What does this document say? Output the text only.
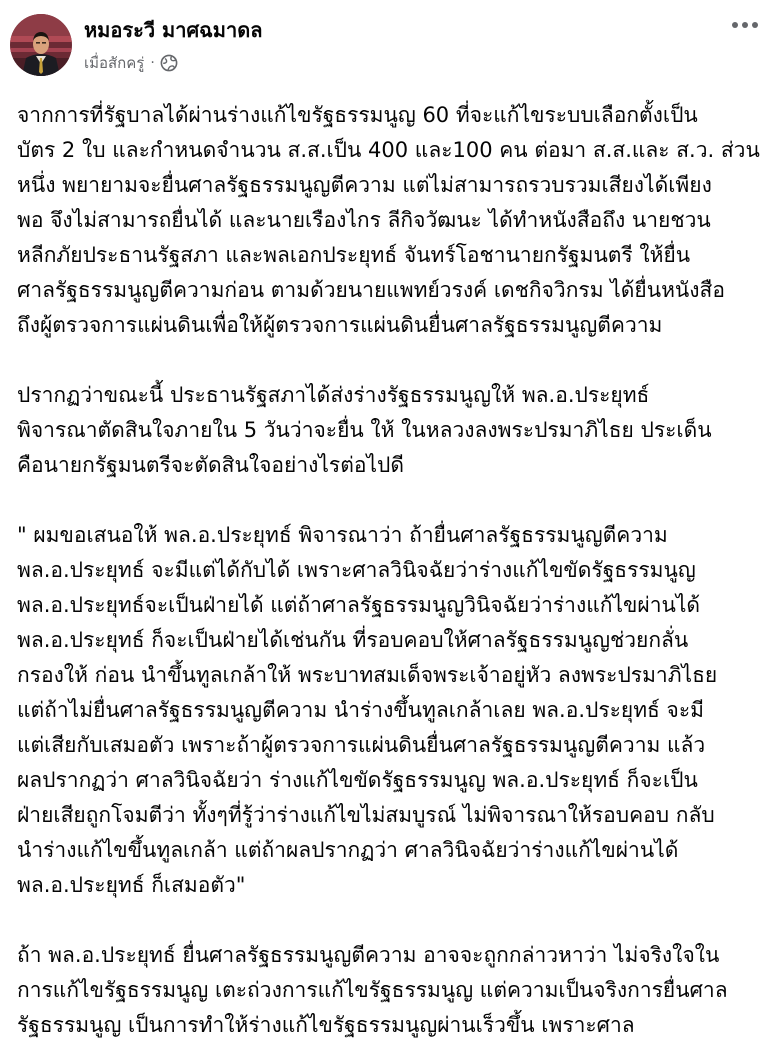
หมอระวี มาศฉมาดล
เมื่อสักครู่ ·

จากการที่รัฐบาลได้ผ่านร่างแก้ไขรัฐธรรมนูญ 60 ที่จะแก้ไขระบบเลือกตั้งเป็น
บัตร 2 ใบ และกำหนดจำนวน ส.ส.เป็น 400 และ100 คน ต่อมา ส.ส.และ ส.ว. ส่วน
หนึ่ง พยายามจะยื่นศาลรัฐธรรมนูญตีความ แต่ไม่สามารถรวบรวมเสียงได้เพียง
พอ จึงไม่สามารถยื่นได้ และนายเรืองไกร ลีกิจวัฒนะ ได้ทำหนังสือถึง นายชวน
หลีกภัยประธานรัฐสภา และพลเอกประยุทธ์ จันทร์โอชานายกรัฐมนตรี ให้ยื่น
ศาลรัฐธรรมนูญตีความก่อน ตามด้วยนายแพทย์วรงค์ เดชกิจวิกรม ได้ยื่นหนังสือ
ถึงผู้ตรวจการแผ่นดินเพื่อให้ผู้ตรวจการแผ่นดินยื่นศาลรัฐธรรมนูญตีความ

ปรากฏว่าขณะนี้ ประธานรัฐสภาได้ส่งร่างรัฐธรรมนูญให้ พล.อ.ประยุทธ์
พิจารณาตัดสินใจภายใน 5 วันว่าจะยื่น ให้ ในหลวงลงพระปรมาภิไธย ประเด็น
คือนายกรัฐมนตรีจะตัดสินใจอย่างไรต่อไปดี

" ผมขอเสนอให้ พล.อ.ประยุทธ์ พิจารณาว่า ถ้ายื่นศาลรัฐธรรมนูญตีความ
พล.อ.ประยุทธ์ จะมีแต่ได้กับได้ เพราะศาลวินิจฉัยว่าร่างแก้ไขขัดรัฐธรรมนูญ
พล.อ.ประยุทธ์จะเป็นฝ่ายได้ แต่ถ้าศาลรัฐธรรมนูญวินิจฉัยว่าร่างแก้ไขผ่านได้
พล.อ.ประยุทธ์ ก็จะเป็นฝ่ายได้เช่นกัน ที่รอบคอบให้ศาลรัฐธรรมนูญช่วยกลั่น
กรองให้ ก่อน นำขึ้นทูลเกล้าให้ พระบาทสมเด็จพระเจ้าอยู่หัว ลงพระปรมาภิไธย
แต่ถ้าไม่ยื่นศาลรัฐธรรมนูญตีความ นำร่างขึ้นทูลเกล้าเลย พล.อ.ประยุทธ์ จะมี
แต่เสียกับเสมอตัว เพราะถ้าผู้ตรวจการแผ่นดินยื่นศาลรัฐธรรมนูญตีความ แล้ว
ผลปรากฏว่า ศาลวินิจฉัยว่า ร่างแก้ไขขัดรัฐธรรมนูญ พล.อ.ประยุทธ์ ก็จะเป็น
ฝ่ายเสียถูกโจมตีว่า ทั้งๆที่รู้ว่าร่างแก้ไขไม่สมบูรณ์ ไม่พิจารณาให้รอบคอบ กลับ
นำร่างแก้ไขขึ้นทูลเกล้า แต่ถ้าผลปรากฏว่า ศาลวินิจฉัยว่าร่างแก้ไขผ่านได้
พล.อ.ประยุทธ์ ก็เสมอตัว"

ถ้า พล.อ.ประยุทธ์ ยื่นศาลรัฐธรรมนูญตีความ อาจจะถูกกล่าวหาว่า ไม่จริงใจใน
การแก้ไขรัฐธรรมนูญ เตะถ่วงการแก้ไขรัฐธรรมนูญ แต่ความเป็นจริงการยื่นศาล
รัฐธรรมนูญ เป็นการทำให้ร่างแก้ไขรัฐธรรมนูญผ่านเร็วขึ้น เพราะศาล
